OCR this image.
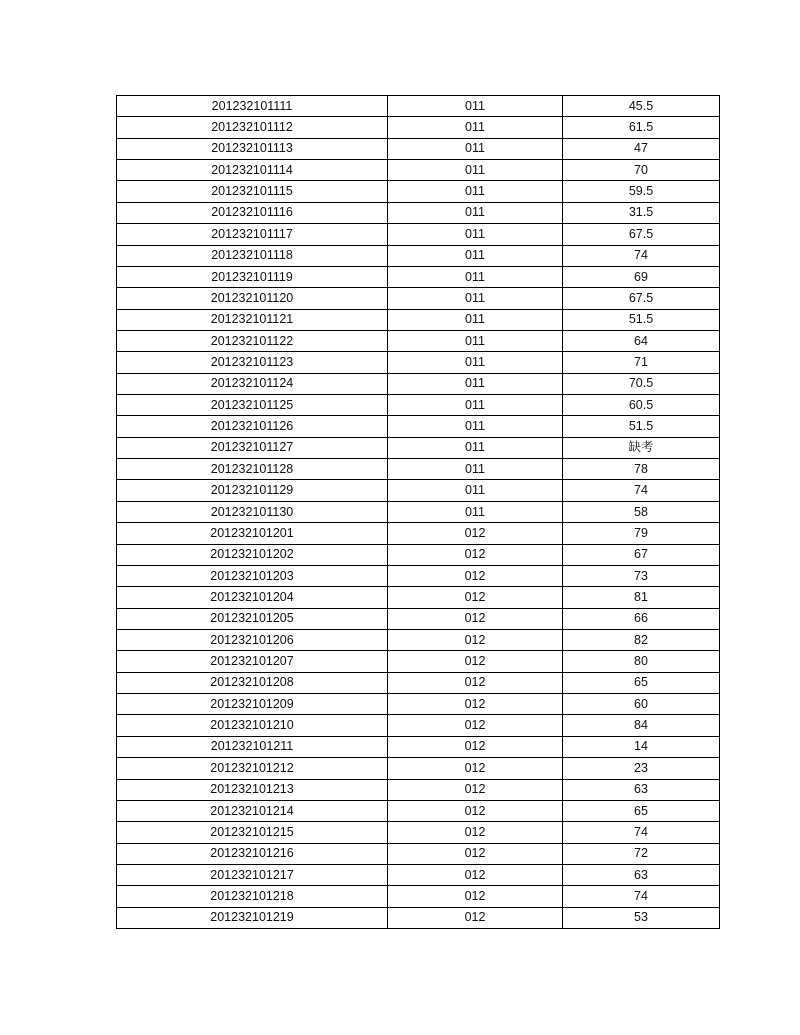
201232101111	011	45.5
201232101112	011	61.5
201232101113	011	47
201232101114	011	70
201232101115	011	59.5
201232101116	011	31.5
201232101117	011	67.5
201232101118	011	74
201232101119	011	69
201232101120	011	67.5
201232101121	011	51.5
201232101122	011	64
201232101123	011	71
201232101124	011	70.5
201232101125	011	60.5
201232101126	011	51.5
201232101127	011	缺考
201232101128	011	78
201232101129	011	74
201232101130	011	58
201232101201	012	79
201232101202	012	67
201232101203	012	73
201232101204	012	81
201232101205	012	66
201232101206	012	82
201232101207	012	80
201232101208	012	65
201232101209	012	60
201232101210	012	84
201232101211	012	14
201232101212	012	23
201232101213	012	63
201232101214	012	65
201232101215	012	74
201232101216	012	72
201232101217	012	63
201232101218	012	74
201232101219	012	53
